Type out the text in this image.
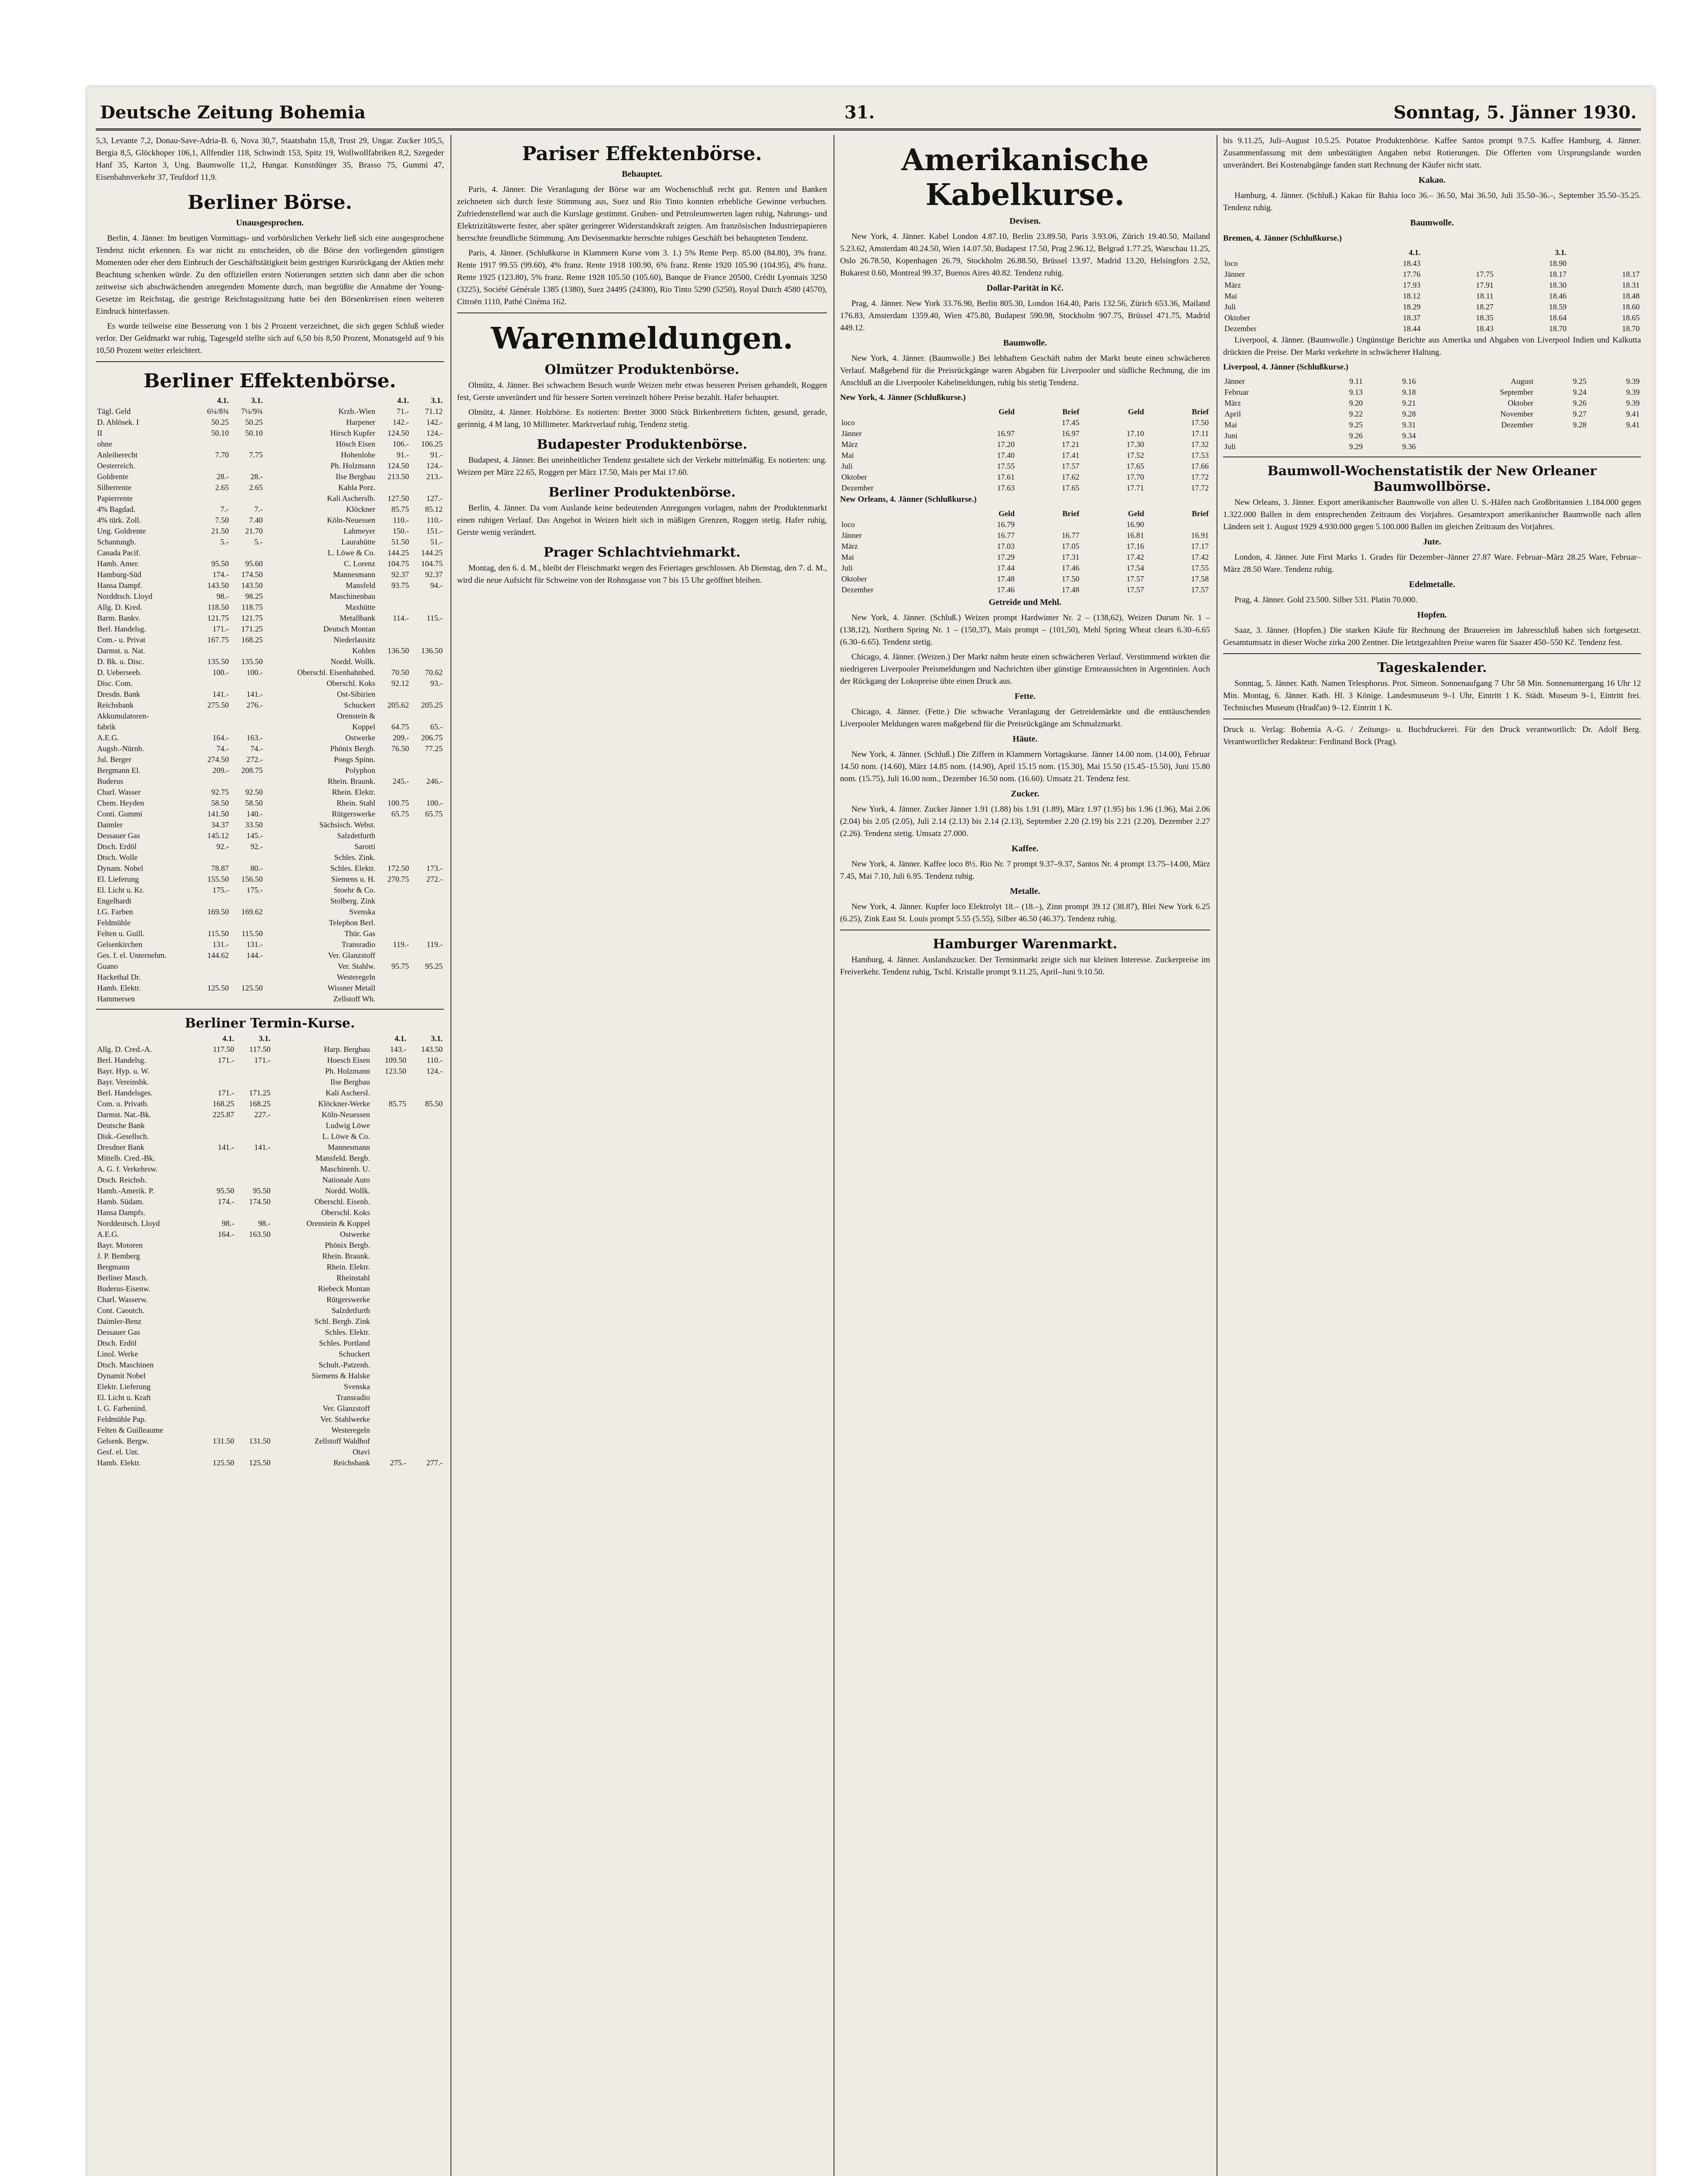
Deutsche Zeitung Bohemia	31.	Sonntag, 5. Jänner 1930.

5,3, Levante 7,2, Donau-Save-Adria-B. 6, Nova 30,7, Staatsbahn 15,8, Trust 29, Ungar. Zucker 105,5, Bergia 8,5, Glöckhoper 106,1, Allfendier 118, Schwindt 153, Spitz 19, Wollwollfabriken 8,2, Szegeder Hanf 35, Karton 3, Ung. Baumwolle 11,2, Hungar. Kunstdünger 35, Brasso 75, Gummi 47, Eisenbahnverkehr 37, Teufdorf 11,9.

Berliner Börse.
Unausgesprochen.

Berlin, 4. Jänner. Im heutigen Vormittags- und vorbörslichen Verkehr ließ sich eine ausgesprochene Tendenz nicht erkennen. Es war nicht zu entscheiden, ob die Börse den vorliegenden günstigen Momenten oder eher dem Einbruch der Geschäftstätigkeit beim gestrigen Kursrückgang der Aktien mehr Beachtung schenken würde. Zu den offiziellen ersten Notierungen setzten sich dann aber die schon zeitweise sich abschwächenden anregenden Momente durch, man begrüßte die Annahme der Young-Gesetze im Reichstag, die gestrige Reichstagssitzung hatte bei den Börsenkreisen einen weiteren Eindruck hinterlassen.

Es wurde teilweise eine Besserung von 1 bis 2 Prozent verzeichnet, die sich gegen Schluß wieder verlor. Der Geldmarkt war ruhig, Tagesgeld stellte sich auf 6,50 bis 8,50 Prozent, Monatsgeld auf 9 bis 10,50 Prozent weiter erleichtert.

Berliner Effektenbörse.
	4.1.	3.1.		4.1.	3.1.
Tägl. Geld	6¼/8¾	7¼/9¾	Krzb.-Wien	71.-	71.12
D. Ablösek. I	50.25	50.25	Harpener	142.-	142.-
II	50.10	50.10	Hirsch Kupfer	124.50	124.-
ohne			Hösch Eisen	106.-	106.25
Anleiherecht	7.70	7.75	Hohenlohe	91.-	91.-
Oesterreich.			Ph. Holzmann	124.50	124.-
Goldrente	28.-	28.-	Ilse Bergbau	213.50	213.-
Silberrente	2.65	2.65	Kahla Porz.		
Papierrente			Kali Ascherslb.	127.50	127.-
4% Bagdad.	7.-	7.-	Klöckner	85.75	85.12
4% türk. Zoll.	7.50	7.40	Köln-Neuessen	110.-	110.-
Ung. Goldrente	21.50	21.70	Lahmeyer	150.-	151.-
Schantungb.	5.-	5.-	Laurahütte	51.50	51.-
Canada Pacif.			L. Löwe & Co.	144.25	144.25
Hamb. Amer.	95.50	95.60	C. Lorenz	104.75	104.75
Hamburg-Süd	174.-	174.50	Mannesmann	92.37	92.37
Hansa Dampf.	143.50	143.50	Mansfeld	93.75	94.-
Norddtsch. Lloyd	98.-	98.25	Maschinenbau		
Allg. D. Kred.	118.50	118.75	Maxhütte		
Barm. Bankv.	121.75	121.75	Metallbank	114.-	115.-
Berl. Handelsg.	171.-	171.25	Deutsch Montan		
Com.- u. Privat	167.75	168.25	Niederlausitz		
Darmst. u. Nat.			Kohlen	136.50	136.50
D. Bk. u. Disc.	135.50	135.50	Nordd. Wollk.		
D. Ueberseeb.	100.-	100.-	Oberschl. Eisenbahnbed.	70.50	70.62
Disc. Com.			Oberschl. Koks	92.12	93.-
Dresdn. Bank	141.-	141.-	Ost-Sibirien		
Reichsbank	275.50	276.-	Schuckert	205.62	205.25
Akkumulatoren-			Orenstein &		
fabrik			Koppel	64.75	65.-
A.E.G.	164.-	163.-	Ostwerke	209.-	206.75
Augsb.-Nürnb.	74.-	74.-	Phönix Bergb.	76.50	77.25
Jul. Berger	274.50	272.-	Pongs Spinn.		
Bergmann El.	209.-	208.75	Polyphon		
Buderus			Rhein. Braunk.	245.-	246.-
Charl. Wasser	92.75	92.50	Rhein. Elektr.		
Chem. Heyden	58.50	58.50	Rhein. Stahl	100.75	100.-
Conti. Gummi	141.50	140.-	Rütgerswerke	65.75	65.75
Daimler	34.37	33.50	Sächsisch. Webst.		
Dessauer Gas	145.12	145.-	Salzdetfurth		
Dtsch. Erdöl	92.-	92.-	Sarotti		
Dtsch. Wolle			Schles. Zink.		
Dynam. Nobel	78.87	80.-	Schles. Elektr.	172.50	173.-
El. Lieferung	155.50	156.50	Siemens u. H.	270.75	272.-
El. Licht u. Kr.	175.-	175.-	Stoehr & Co.		
Engelhardt			Stolberg. Zink		
I.G. Farben	169.50	169.62	Svenska		
Feldmühle			Telephon Berl.		
Felten u. Guill.	115.50	115.50	Thür. Gas		
Gelsenkirchen	131.-	131.-	Transradio	119.-	119.-
Ges. f. el. Unternehm.	144.62	144.-	Ver. Glanzstoff		
Guano			Ver. Stahlw.	95.75	95.25
Hackethal Dr.			Westeregeln		
Hamb. Elektr.	125.50	125.50	Wissner Metall		
Hammersen			Zellstoff Wh.		
Berliner Termin-Kurse.
	4.1.	3.1.		4.1.	3.1.
Allg. D. Cred.-A.	117.50	117.50	Harp. Bergbau	143.-	143.50
Berl. Handelsg.	171.-	171.-	Hoesch Eisen	109.50	110.-
Bayr. Hyp. u. W.			Ph. Holzmann	123.50	124.-
Bayr. Vereinsbk.			Ilse Bergbau		
Berl. Handelsges.	171.-	171.25	Kali Aschersl.		
Com. u. Privatb.	168.25	168.25	Klöckner-Werke	85.75	85.50
Darmst. Nat.-Bk.	225.87	227.-	Köln-Neuessen		
Deutsche Bank			Ludwig Löwe		
Disk.-Gesellsch.			L. Löwe & Co.		
Dresdner Bank	141.-	141.-	Mannesmann		
Mittelb. Cred.-Bk.			Mansfeld. Bergb.		
A. G. f. Verkehrsw.			Maschinenb. U.		
Dtsch. Reichsb.			Nationale Auto		
Hamb.-Amerik. P.	95.50	95.50	Nordd. Wollk.		
Hamb. Südam.	174.-	174.50	Oberschl. Eisenb.		
Hansa Dampfs.			Oberschl. Koks		
Norddeutsch. Lloyd	98.-	98.-	Orenstein & Koppel		
A.E.G.	164.-	163.50	Ostwerke		
Bayr. Motoren			Phönix Bergb.		
J. P. Bemberg			Rhein. Braunk.		
Bergmann			Rhein. Elektr.		
Berliner Masch.			Rheinstahl		
Buderus-Eisenw.			Riebeck Montan		
Charl. Wasserw.			Rütgerswerke		
Cont. Caoutch.			Salzdetfurth		
Daimler-Benz			Schl. Bergb. Zink		
Dessauer Gas			Schles. Elektr.		
Dtsch. Erdöl			Schles. Portland		
Linol. Werke			Schuckert		
Dtsch. Maschinen			Schult.-Patzenh.		
Dynamit Nobel			Siemens & Halske		
Elektr. Lieferung			Svenska		
El. Licht u. Kraft			Transradio		
I. G. Farbenind.			Ver. Glanzstoff		
Feldmühle Pap.			Ver. Stahlwerke		
Felten & Guilleaume			Westeregeln		
Gelsenk. Bergw.	131.50	131.50	Zellstoff Waldhof		
Gesf. el. Unt.			Otavi		
Hamb. Elektr.	125.50	125.50	Reichsbank	275.-	277.-
Pariser Effektenbörse.
Behauptet.

Paris, 4. Jänner. Die Veranlagung der Börse war am Wochenschluß recht gut. Renten und Banken zeichneten sich durch feste Stimmung aus, Suez und Rio Tinto konnten erhebliche Gewinne verbuchen. Zufriedenstellend war auch die Kurslage gestimmt. Gruben- und Petroleumwerten lagen ruhig, Nahrungs- und Elektrizitätswerte fester, aber später geringerer Widerstandskraft zeigten. Am französischen Industriepapieren herrschte freundliche Stimmung. Am Devisenmarkte herrschte ruhiges Geschäft bei behaupteten Tendenz.

Paris, 4. Jänner. (Schlußkurse in Klammern Kurse vom 3. 1.) 5% Rente Perp. 85.00 (84.80), 3% franz. Rente 1917 99.55 (99.60), 4% franz. Rente 1918 100.90, 6% franz. Rente 1920 105.90 (104.95), 4% franz. Rente 1925 (123.80), 5% franz. Rente 1928 105.50 (105.60), Banque de France 20500, Crédit Lyonnais 3250 (3225), Société Générale 1385 (1380), Suez 24495 (24300), Rio Tinto 5290 (5250), Royal Dutch 4580 (4570), Citroën 1110, Pathé Cinéma 162.

Warenmeldungen.
Olmützer Produktenbörse.

Olmütz, 4. Jänner. Bei schwachem Besuch wurde Weizen mehr etwas besseren Preisen gehandelt, Roggen fest, Gerste unverändert und für bessere Sorten vereinzelt höhere Preise bezahlt. Hafer behauptet.

Olmütz, 4. Jänner. Holzbörse. Es notierten: Bretter 3000 Stück Birkenbrettern fichten, gesund, gerade, gerinnig, 4 M lang, 10 Millimeter. Marktverlauf ruhig, Tendenz stetig.

Budapester Produktenbörse.

Budapest, 4. Jänner. Bei uneinheitlicher Tendenz gestaltete sich der Verkehr mittelmäßig. Es notierten: ung. Weizen per März 22.65, Roggen per März 17.50, Mais per Mai 17.60.

Berliner Produktenbörse.

Berlin, 4. Jänner. Da vom Auslande keine bedeutenden Anregungen vorlagen, nahm der Produktenmarkt einen ruhigen Verlauf. Das Angebot in Weizen hielt sich in mäßigen Grenzen, Roggen stetig. Hafer ruhig, Gerste wenig verändert.

Prager Schlachtviehmarkt.

Montag, den 6. d. M., bleibt der Fleischmarkt wegen des Feiertages geschlossen. Ab Dienstag, den 7. d. M., wird die neue Aufsicht für Schweine von der Rohnsgasse von 7 bis 15 Uhr geöffnet bleiben.

Amerikanische Kabelkurse.
Devisen.

New York, 4. Jänner. Kabel London 4.87.10, Berlin 23.89.50, Paris 3.93.06, Zürich 19.40.50, Mailand 5.23.62, Amsterdam 40.24.50, Wien 14.07.50, Budapest 17.50, Prag 2.96.12, Belgrad 1.77.25, Warschau 11.25, Oslo 26.78.50, Kopenhagen 26.79, Stockholm 26.88.50, Brüssel 13.97, Madrid 13.20, Helsingfors 2.52, Bukarest 0.60, Montreal 99.37, Buenos Aires 40.82. Tendenz ruhig.

Dollar-Parität in Kč.

Prag, 4. Jänner. New York 33.76.90, Berlin 805.30, London 164.40, Paris 132.56, Zürich 653.36, Mailand 176.83, Amsterdam 1359.40, Wien 475.80, Budapest 590.98, Stockholm 907.75, Brüssel 471.75, Madrid 449.12.

Baumwolle.

New York, 4. Jänner. (Baumwolle.) Bei lebhaftem Geschäft nahm der Markt heute einen schwächeren Verlauf. Maßgebend für die Preisrückgänge waren Abgaben für Liverpooler und südliche Rechnung, die im Anschluß an die Liverpooler Kabelmeldungen, ruhig bis stetig Tendenz.

New York, 4. Jänner (Schlußkurse.)

	Geld	Brief	Geld	Brief
loco		17.45		17.50
Jänner	16.97	16.97	17.10	17.11
März	17.20	17.21	17.30	17.32
Mai	17.40	17.41	17.52	17.53
Juli	17.55	17.57	17.65	17.66
Oktober	17.61	17.62	17.70	17.72
Dezember	17.63	17.65	17.71	17.72

New Orleans, 4. Jänner (Schlußkurse.)

	Geld	Brief	Geld	Brief
loco	16.79		16.90	
Jänner	16.77	16.77	16.81	16.91
März	17.03	17.05	17.16	17.17
Mai	17.29	17.31	17.42	17.42
Juli	17.44	17.46	17.54	17.55
Oktober	17.48	17.50	17.57	17.58
Dezember	17.46	17.48	17.57	17.57
Getreide und Mehl.

New York, 4. Jänner. (Schluß.) Weizen prompt Hardwinter Nr. 2 – (138,62), Weizen Durum Nr. 1 – (138,12), Northern Spring Nr. 1 – (150,37), Mais prompt – (101,50), Mehl Spring Wheat clears 6.30–6.65 (6.30–6.65). Tendenz stetig.

Chicago, 4. Jänner. (Weizen.) Der Markt nahm heute einen schwächeren Verlauf. Verstimmend wirkten die niedrigeren Liverpooler Preismeldungen und Nachrichten über günstige Ernteaussichten in Argentinien. Auch der Rückgang der Lokopreise übte einen Druck aus.

Fette.

Chicago, 4. Jänner. (Fette.) Die schwache Veranlagung der Getreidemärkte und die enttäuschenden Liverpooler Meldungen waren maßgebend für die Preisrückgänge am Schmalzmarkt.

Häute.

New York, 4. Jänner. (Schluß.) Die Ziffern in Klammern Vortagskurse. Jänner 14.00 nom. (14.00), Februar 14.50 nom. (14.60), März 14.85 nom. (14.90), April 15.15 nom. (15.30), Mai 15.50 (15.45–15.50), Juni 15.80 nom. (15.75), Juli 16.00 nom., Dezember 16.50 nom. (16.60). Umsatz 21. Tendenz fest.

Zucker.

New York, 4. Jänner. Zucker Jänner 1.91 (1.88) bis 1.91 (1.89), März 1.97 (1.95) bis 1.96 (1.96), Mai 2.06 (2.04) bis 2.05 (2.05), Juli 2.14 (2.13) bis 2.14 (2.13), September 2.20 (2.19) bis 2.21 (2.20), Dezember 2.27 (2.26). Tendenz stetig. Umsatz 27.000.

Kaffee.

New York, 4. Jänner. Kaffee loco 8½. Rio Nr. 7 prompt 9.37–9.37, Santos Nr. 4 prompt 13.75–14.00, März 7.45, Mai 7.10, Juli 6.95. Tendenz ruhig.

Metalle.

New York, 4. Jänner. Kupfer loco Elektrolyt 18.– (18.–), Zinn prompt 39.12 (38.87), Blei New York 6.25 (6.25), Zink East St. Louis prompt 5.55 (5.55), Silber 46.50 (46.37). Tendenz ruhig.

Hamburger Warenmarkt.

Hamburg, 4. Jänner. Auslandszucker. Der Terminmarkt zeigte sich nur kleinen Interesse. Zuckerpreise im Freiverkehr. Tendenz ruhig, Tschl. Kristalle prompt 9.11.25, April–Juni 9.10.50.

bis 9.11.25, Juli–August 10.5.25. Potatoe Produktenbörse. Kaffee Santos prompt 9.7.5. Kaffee Hamburg, 4. Jänner. Zusammenfassung mit dem unbestätigten Angaben nebst Rotierungen. Die Offerten vom Ursprungslande wurden unverändert. Bei Kostenabgänge fanden statt Rechnung der Käufer nicht statt.

Kakao.

Hamburg, 4. Jänner. (Schluß.) Kakao für Bahia loco 36.– 36.50, Mai 36.50, Juli 35.50–36.–, September 35.50–35.25. Tendenz ruhig.

Baumwolle.

Bremen, 4. Jänner (Schlußkurse.)

	4.1.		3.1.	
loco	18.43		18.90	
Jänner	17.76	17.75	18.17	18.17
März	17.93	17.91	18.30	18.31
Mai	18.12	18.11	18.46	18.48
Juli	18.29	18.27	18.59	18.60
Oktober	18.37	18.35	18.64	18.65
Dezember	18.44	18.43	18.70	18.70

Liverpool, 4. Jänner. (Baumwolle.) Ungünstige Berichte aus Amerika und Abgaben von Liverpool Indien und Kalkutta drückten die Preise. Der Markt verkehrte in schwächerer Haltung.

Liverpool, 4. Jänner (Schlußkurse.)

Jänner	9.11	9.16	August	9.25	9.39
Februar	9.13	9.18	September	9.24	9.39
März	9.20	9.21	Oktober	9.26	9.39
April	9.22	9.28	November	9.27	9.41
Mai	9.25	9.31	Dezember	9.28	9.41
Juni	9.26	9.34			
Juli	9.29	9.36			
Baumwoll-Wochenstatistik der New Orleaner Baumwollbörse.

New Orleans, 3. Jänner. Export amerikanischer Baumwolle von allen U. S.-Häfen nach Großbritannien 1.184.000 gegen 1.322.000 Ballen in dem entsprechenden Zeitraum des Vorjahres. Gesamtexport amerikanischer Baumwolle nach allen Ländern seit 1. August 1929 4.930.000 gegen 5.100.000 Ballen im gleichen Zeitraum des Vorjahres.

Jute.

London, 4. Jänner. Jute First Marks 1. Grades für Dezember–Jänner 27.87 Ware. Februar–März 28.25 Ware, Februar–März 28.50 Ware. Tendenz ruhig.

Edelmetalle.

Prag, 4. Jänner. Gold 23.500. Silber 531. Platin 70.000.

Hopfen.

Saaz, 3. Jänner. (Hopfen.) Die starken Käufe für Rechnung der Brauereien im Jahresschluß haben sich fortgesetzt. Gesamtumsatz in dieser Woche zirka 200 Zentner. Die letztgezahlten Preise waren für Saazer 450–550 Kč. Tendenz fest.

Tageskalender.

Sonntag, 5. Jänner. Kath. Namen Telesphorus. Prot. Simeon. Sonnenaufgang 7 Uhr 58 Min. Sonnenuntergang 16 Uhr 12 Min. Montag, 6. Jänner. Kath. Hl. 3 Könige. Landesmuseum 9–1 Uhr, Eintritt 1 K. Städt. Museum 9–1, Eintritt frei. Technisches Museum (Hradčan) 9–12. Eintritt 1 K.

Druck u. Verlag: Bohemia A.-G. / Zeitungs- u. Buchdruckerei. Für den Druck verantwortlich: Dr. Adolf Berg. Verantwortlicher Redakteur: Ferdinand Bock (Prag).
